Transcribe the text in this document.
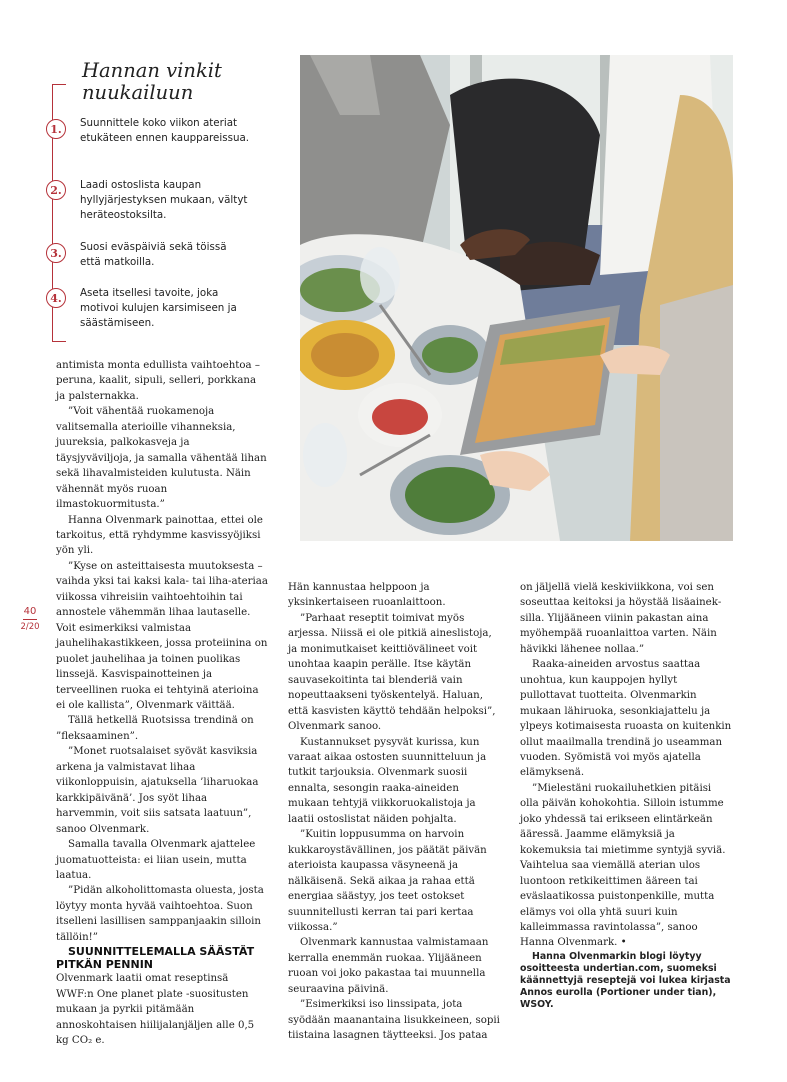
Hannan vinkit nuukailuun
1.	Suunnittele koko viikon ateriat etukäteen ennen kauppareissua.
2.	Laadi ostoslista kaupan hyllyjärjestyksen mukaan, vältyt heräteostoksilta.
3.	Suosi eväspäiviä sekä töissä että matkoilla.
4.	Aseta itsellesi tavoite, joka motivoi kulujen karsimiseen ja säästämiseen.
40
2/20

antimista monta edullista vaihtoehtoa – peruna, kaalit, sipuli, selleri, porkkana ja palsternakka.

”Voit vähentää ruokamenoja valitsemalla aterioille vihanneksia, juureksia, palkokasveja ja täysjyväviljoja, ja samalla vähentää lihan sekä lihavalmisteiden kulutusta. Näin vähennät myös ruoan ilmastokuormitusta.”

Hanna Olvenmark painottaa, ettei ole tarkoitus, että ryhdymme kasvissyöjiksi yön yli.

”Kyse on asteittaisesta muutoksesta – vaihda yksi tai kaksi kala- tai liha-ateriaa viikossa vihreisiin vaihtoehtoihin tai annostele vähemmän lihaa lautaselle. Voit esimerkiksi valmistaa jauhelihakastikkeen, jossa proteiinina on puolet jauhelihaa ja toinen puolikas linssejä. Kasvispainotteinen ja terveellinen ruoka ei tehtyinä aterioina ei ole kallista”, Olvenmark väittää.

Tällä hetkellä Ruotsissa trendinä on ”fleksaaminen”.

”Monet ruotsalaiset syövät kasviksia arkena ja valmistavat lihaa viikonloppuisin, ajatuksella ’liharuokaa karkkipäivänä’. Jos syöt lihaa harvemmin, voit siis satsata laatuun”, sanoo Olvenmark.

Samalla tavalla Olvenmark ajattelee juomatuotteista: ei liian usein, mutta laatua.

”Pidän alkoholittomasta oluesta, josta löytyy monta hyvää vaihtoehtoa. Suon itselleni lasillisen samppanjaakin silloin tällöin!”

SUUNNITTELEMALLA SÄÄSTÄT PITKÄN PENNIN

Olvenmark laatii omat reseptinsä WWF:n One planet plate -suositusten mukaan ja pyrkii pitämään annoskohtaisen hiilijalanjäljen alle 0,5 kg CO₂ e.

Hän kannustaa helppoon ja yksinkertaiseen ruoanlaittoon.

”Parhaat reseptit toimivat myös arjessa. Niissä ei ole pitkiä aineslistoja, ja monimutkaiset keittiövälineet voit unohtaa kaapin perälle. Itse käytän sauvasekoitinta tai blenderiä vain nopeuttaakseni työskentelyä. Haluan, että kasvisten käyttö tehdään helpoksi”, Olvenmark sanoo.

Kustannukset pysyvät kurissa, kun varaat aikaa ostosten suunnitteluun ja tutkit tarjouksia. Olvenmark suosii ennalta, sesongin raaka-aineiden mukaan tehtyjä viikkoruokalistoja ja laatii ostoslistat näiden pohjalta.

”Kuitin loppusumma on harvoin kukkaroystävällinen, jos päätät päivän aterioista kaupassa väsyneenä ja nälkäisenä. Sekä aikaa ja rahaa että energiaa säästyy, jos teet ostokset suunnitellusti kerran tai pari kertaa viikossa.”

Olvenmark kannustaa valmistamaan kerralla enemmän ruokaa. Ylijääneen ruoan voi joko pakastaa tai muunnella seuraavina päivinä.

”Esimerkiksi iso linssipata, jota syödään maanantaina lisukkeineen, sopii tiistaina lasagnen täytteeksi. Jos pataa

on jäljellä vielä keskiviikkona, voi sen soseuttaa keitoksi ja höystää lisäaineksilla. Ylijääneen viinin pakastan aina myöhempää ruoanlaittoa varten. Näin hävikki lähenee nollaa.”

Raaka-aineiden arvostus saattaa unohtua, kun kauppojen hyllyt pullottavat tuotteita. Olvenmarkin mukaan lähiruoka, sesonkiajattelu ja ylpeys kotimaisesta ruoasta on kuitenkin ollut maailmalla trendinä jo useamman vuoden. Syömistä voi myös ajatella elämyksenä.

”Mielestäni ruokailuhetkien pitäisi olla päivän kohokohtia. Silloin istumme joko yhdessä tai erikseen elintärkeän ääressä. Jaamme elämyksiä ja kokemuksia tai mietimme syntyjä syviä. Vaihtelua saa viemällä aterian ulos luontoon retkikeittimen ääreen tai eväslaatikossa puistonpenkille, mutta elämys voi olla yhtä suuri kuin kalleimmassa ravintolassa”, sanoo Hanna Olvenmark. •

Hanna Olvenmarkin blogi löytyy osoitteesta undertian.com, suomeksi käännettyjä reseptejä voi lukea kirjasta Annos eurolla (Portioner under tian), WSOY.
